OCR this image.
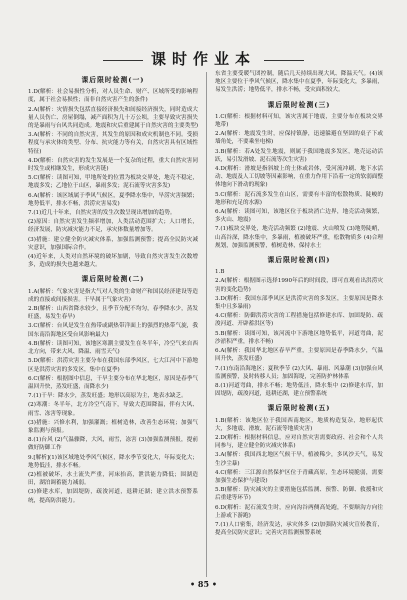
课时作业本
课后限时检测(一)
1.D(解析：社会易损性分析，对人员生命、财产、区域所受的影响程度，属于社会易损性；而非自然灾害产生的条件)
2.A(解析：灾情损失包括直接经济损失和间接经济损失，同时造成大量人员伤亡、房屋倒塌，减产面积为几十万公顷，主要导致灾害损失的是暴雨与台风共同造成。地震和灾后重建属于自然灾害的主要类型)
3.A(解析：不同的自然灾害，其发生的原因和成灾机制也不同。受损程度与承灾体的类型、分布、抗灾能力等有关，自然灾害具有区域性特征)
4.D(解析：自然灾害的发生发展是一个复杂的过程，重大自然灾害同时发生或相继发生，形成灾害链)
5.C(解析：读图可知，甲地所处的位置为板块交界处，地壳不稳定，地震多发；乙地位于山区，暴雨多发；泥石流等灾害多发)
6.A(解析：该区域属于季风气候区，夏季降水集中，旱涝灾害频繁；地势低平，排水不畅，洪涝灾害易发)
7.(1)近几十年来，自然灾害的发生次数呈现出增加的趋势。
(2)原因：自然灾害发生频率增加，人类活动范围扩大；人口增长，经济发展，防灾减灾能力不足，承灾体数量增加等。
(3)措施：建立健全防灾减灾体系，加强监测预警；提高全民防灾减灾意识，加强国际合作。
(4)近年来，人类对自然环境的破坏加剧，导致自然灾害发生次数增多，造成的损失也越来越大。
课后限时检测(二)
1.A(解析：气象灾害是指大气对人类的生命财产和国民经济建设等造成的直接或间接损害。干旱属于气象灾害)
2.B(解析：山西省降水较少，且季节分配不均匀，春季降水少，蒸发旺盛，易发生春旱)
3.C(解析：台风是发生在热带或副热带洋面上的强烈的热带气旋，我国东南沿海地区受台风影响最大)
4.B(解析：读图可知，该地区寒潮主要发生在冬半年，冷空气来自西北方向，带来大风、降温、雨雪天气)
5.D(解析：洪涝灾害主要分布在我国东部季风区，七大江河中下游地区是洪涝灾害的多发区，集中在夏季)
6.C(解析：根据图中信息，干旱主要分布在华北地区，原因是春季气温回升快，蒸发旺盛，而降水少)
7.(1)干旱：降水少，蒸发旺盛；地形以高原为主，地表水缺乏。
(2)寒潮：冬半年，北方冷空气南下，导致大范围降温，伴有大风、雨雪、冻害等现象。
(3)措施：兴修水利，加强灌溉；植树造林，改善生态环境；加强气象监测与预报。
8.(1)台风 (2)气温骤降，大风，雨雪，冻害 (3)加强监测预报，提前做好防御工作
9.[解析](1)该区域地处季风气候区，降水季节变化大，年际变化大；地势低洼，排水不畅。
(2)植被破坏，水土流失严重，河床抬高，泄洪能力降低；围湖造田，湖泊调蓄能力减弱。
(3)修建水库，加固堤防，疏浚河道，退耕还湖；建立洪水预警系统，提高防洪能力。
东省主要受暖气团控制，随后几天持续出现大风、降温天气。(4)该地区主要位于季风气候区，降水集中在夏季，年际变化大，多暴雨，易发生洪涝；地势低平，排水不畅，受灾面积较大。
课后限时检测(三)
1.C(解析：根据材料可知，该灾害属于地震，主要分布在板块交界地带)
2.A(解析：地震发生时，应保持镇静，迅速躲避在坚固的桌子下或墙角处，不要乘坐电梯)
3.B(解析：若A处发生地震，则属于我国地震多发区，地壳运动活跃，易引发滑坡、泥石流等次生灾害)
4.D(解析：滑坡是指斜坡上的土体或岩体，受河流冲刷、地下水活动、地震及人工切坡等因素影响，在重力作用下沿着一定的软弱面整体地向下滑动的现象)
5.C(解析：泥石流多发生在山区，需要有丰富的松散物质、陡峻的地形和充足的水源)
6.A(解析：读图可知，该地区位于板块消亡边界，地壳活动频繁，多火山、地震)
7.(1)板块交界处，地壳活动频繁 (2)地震、火山喷发 (3)地势陡峭，山高谷深，降水集中，多暴雨，植被破坏严重，松散物质多 (4)合理规划，加强监测预警，植树造林，保持水土
课后限时检测(四)
1.B
2.A(解析：根据图示选择1990年后的时间段，即可直观看出洪涝灾害的变化趋势)
3.D(解析：我国东部季风区是洪涝灾害的多发区，主要原因是降水集中且多暴雨)
4.C(解析：防御洪涝灾害的工程措施包括修建水库、加固堤防、疏浚河道、开辟蓄洪区等)
5.B(解析：读图可知，该河流中下游地区地势低平，河道弯曲，泥沙淤积严重，排水不畅)
6.A(解析：我国华北地区春旱严重，主要原因是春季降水少，气温回升快，蒸发旺盛)
7.(1)东南沿海地区；夏秋季节 (2)大风、暴雨、风暴潮 (3)加强台风监测预警，及时转移人员；加固海堤，完善防护林体系
8.(1)河道弯曲，排水不畅；地势低洼，降水集中 (2)修建水库，加固堤防，疏浚河道，退耕还湖，建立预警系统
课后限时检测(五)
1.B(解析：该地区位于我国西南地区，地质构造复杂，地形起伏大，多地震、滑坡、泥石流等地质灾害)
2.D(解析：根据材料信息，应对自然灾害需要政府、社会和个人共同参与，建立健全防灾减灾体系)
3.A(解析：我国西北地区气候干旱，植被稀少，多风沙天气，易发生沙尘暴)
4.C(解析：三江源自然保护区位于青藏高原，生态环境脆弱，需要加强生态保护与建设)
5.B(解析：防灾减灾的主要措施包括监测、预警、防御、救援和灾后重建等环节)
6.D(解析：泥石流发生时，应向沟谷两侧高处跑，不要顺沟方向往上游或下游跑)
7.(1)人口密集，经济发达，承灾体多 (2)加强防灾减灾宣传教育，提高全民防灾意识；完善灾害监测预警系统
• 85 •
